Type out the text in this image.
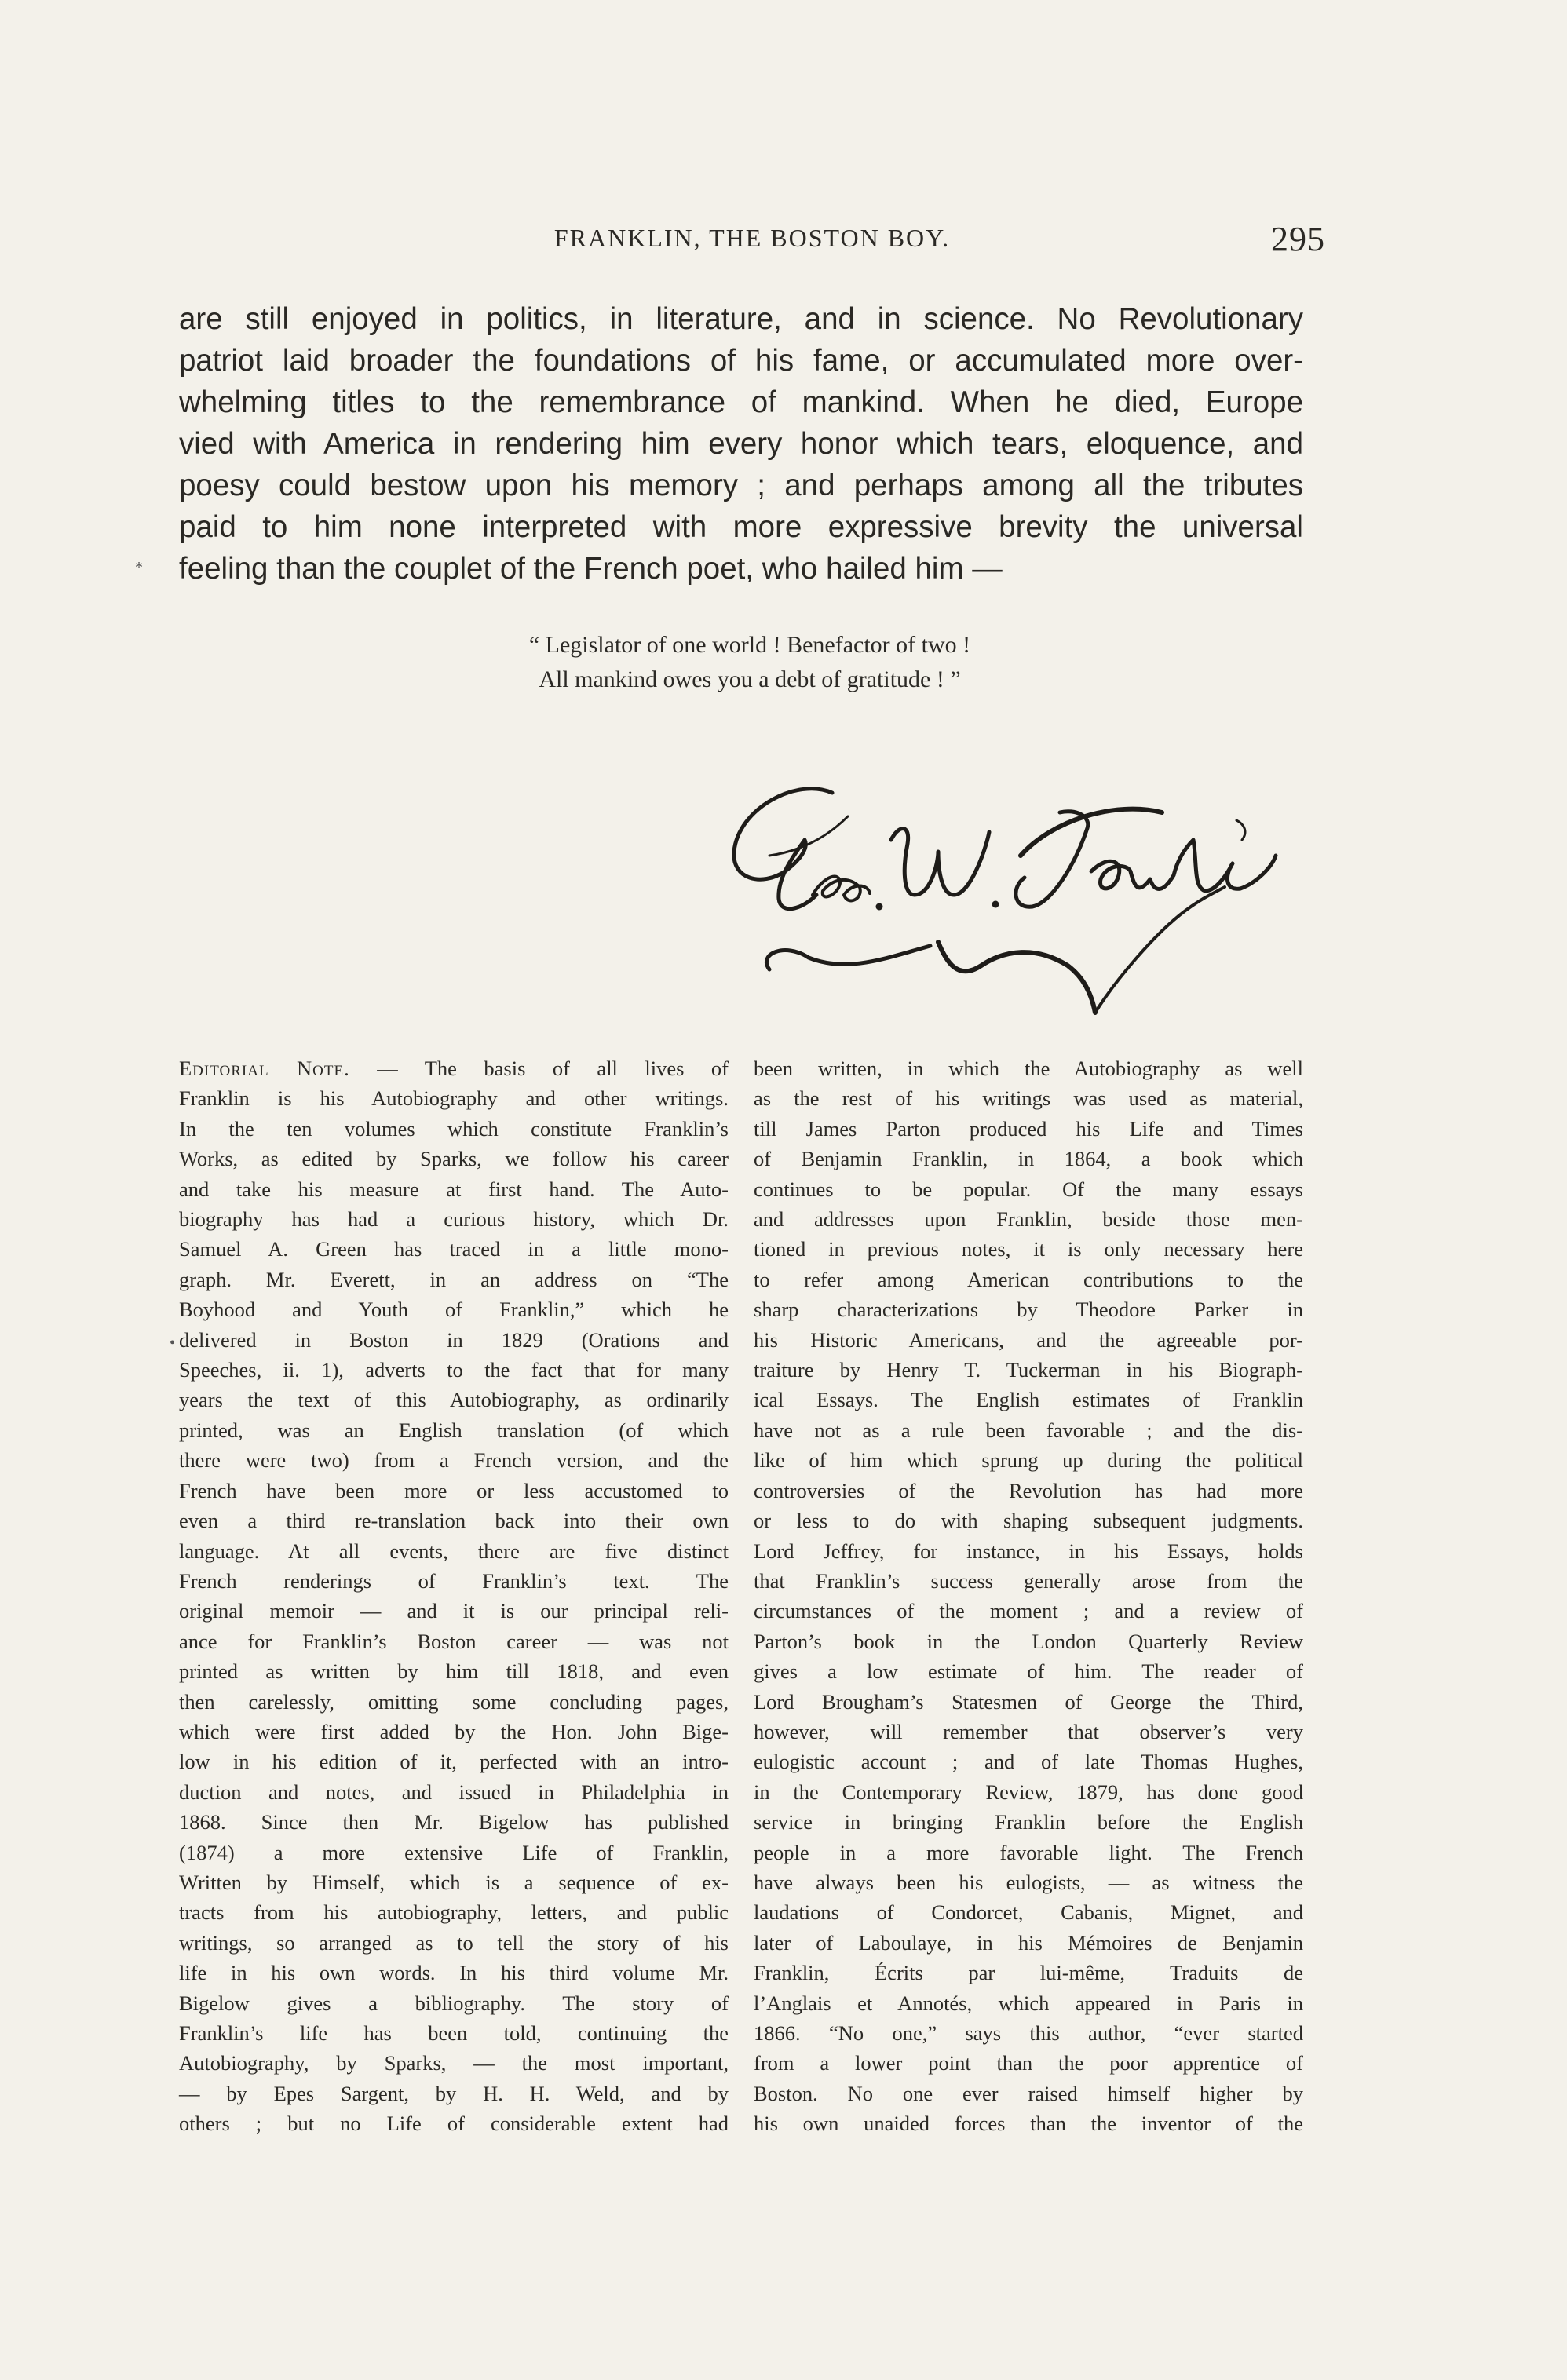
FRANKLIN, THE BOSTON BOY.	295
are still enjoyed in politics, in literature, and in science. No Revolutionary
patriot laid broader the foundations of his fame, or accumulated more over-
whelming titles to the remembrance of mankind. When he died, Europe
vied with America in rendering him every honor which tears, eloquence, and
poesy could bestow upon his memory ; and perhaps among all the tributes
paid to him none interpreted with more expressive brevity the universal
feeling than the couplet of the French poet, who hailed him —
*
•
“ Legislator of one world ! Benefactor of two !
All mankind owes you a debt of gratitude ! ”
Editorial Note. — The basis of all lives of
Franklin is his Autobiography and other writings.
In the ten volumes which constitute Franklin’s
Works, as edited by Sparks, we follow his career
and take his measure at first hand. The Auto-
biography has had a curious history, which Dr.
Samuel A. Green has traced in a little mono-
graph. Mr. Everett, in an address on “The
Boyhood and Youth of Franklin,” which he
delivered in Boston in 1829 (Orations and
Speeches, ii. 1), adverts to the fact that for many
years the text of this Autobiography, as ordinarily
printed, was an English translation (of which
there were two) from a French version, and the
French have been more or less accustomed to
even a third re-translation back into their own
language. At all events, there are five distinct
French renderings of Franklin’s text. The
original memoir — and it is our principal reli-
ance for Franklin’s Boston career — was not
printed as written by him till 1818, and even
then carelessly, omitting some concluding pages,
which were first added by the Hon. John Bige-
low in his edition of it, perfected with an intro-
duction and notes, and issued in Philadelphia in
1868. Since then Mr. Bigelow has published
(1874) a more extensive Life of Franklin,
Written by Himself, which is a sequence of ex-
tracts from his autobiography, letters, and public
writings, so arranged as to tell the story of his
life in his own words. In his third volume Mr.
Bigelow gives a bibliography. The story of
Franklin’s life has been told, continuing the
Autobiography, by Sparks, — the most important,
— by Epes Sargent, by H. H. Weld, and by
others ; but no Life of considerable extent had
been written, in which the Autobiography as well
as the rest of his writings was used as material,
till James Parton produced his Life and Times
of Benjamin Franklin, in 1864, a book which
continues to be popular. Of the many essays
and addresses upon Franklin, beside those men-
tioned in previous notes, it is only necessary here
to refer among American contributions to the
sharp characterizations by Theodore Parker in
his Historic Americans, and the agreeable por-
traiture by Henry T. Tuckerman in his Biograph-
ical Essays. The English estimates of Franklin
have not as a rule been favorable ; and the dis-
like of him which sprung up during the political
controversies of the Revolution has had more
or less to do with shaping subsequent judgments.
Lord Jeffrey, for instance, in his Essays, holds
that Franklin’s success generally arose from the
circumstances of the moment ; and a review of
Parton’s book in the London Quarterly Review
gives a low estimate of him. The reader of
Lord Brougham’s Statesmen of George the Third,
however, will remember that observer’s very
eulogistic account ; and of late Thomas Hughes,
in the Contemporary Review, 1879, has done good
service in bringing Franklin before the English
people in a more favorable light. The French
have always been his eulogists, — as witness the
laudations of Condorcet, Cabanis, Mignet, and
later of Laboulaye, in his Mémoires de Benjamin
Franklin, Écrits par lui-même, Traduits de
l’Anglais et Annotés, which appeared in Paris in
1866. “No one,” says this author, “ever started
from a lower point than the poor apprentice of
Boston. No one ever raised himself higher by
his own unaided forces than the inventor of the
